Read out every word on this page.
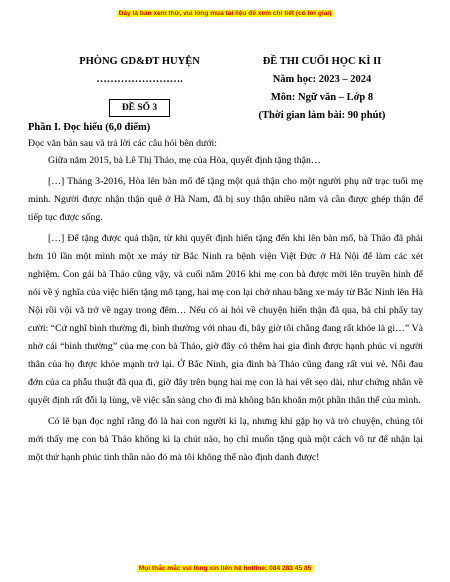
Đây là bản xem thử, vui lòng mua tài liệu để xem chi tiết (có lời giải)
PHÒNG GD&ĐT HUYỆN
…………………….
ĐỀ SỐ 3
ĐỀ THI CUỐI HỌC KÌ II
Năm học: 2023 – 2024
Môn: Ngữ văn – Lớp 8
(Thời gian làm bài: 90 phút)
Phần I. Đọc hiểu (6,0 điểm)
Đọc văn bản sau và trả lời các câu hỏi bên dưới:

Giữa năm 2015, bà Lê Thị Thảo, mẹ của Hòa, quyết định tặng thận…

[…] Tháng 3-2016, Hòa lên bàn mổ để tặng một quả thận cho một người phụ nữ trạc tuổi mẹ mình. Người được nhận thận quê ở Hà Nam, đã bị suy thận nhiều năm và cần được ghép thận để tiếp tục được sống.

[…] Để tặng được quả thận, từ khi quyết định hiến tặng đến khi lên bàn mổ, bà Thảo đã phải hơn 10 lần một mình một xe máy từ Bắc Ninh ra bệnh viện Việt Đức ở Hà Nội để làm các xét nghiệm. Con gái bà Thảo cũng vậy, và cuối năm 2016 khi mẹ con bà được mời lên truyền hình để nói về ý nghĩa của việc hiến tặng mô tạng, hai mẹ con lại chở nhau bằng xe máy từ Bắc Ninh lên Hà Nội rồi vội vã trở về ngay trong đêm… Nếu có ai hỏi về chuyện hiến thận đã qua, bà chỉ phẩy tay cười: “Cứ nghĩ bình thường đi, bình thường với nhau đi, bây giờ tôi chẳng đang rất khỏe là gì…” Và nhờ cái “bình thường” của mẹ con bà Thảo, giờ đây có thêm hai gia đình được hạnh phúc vì người thân của họ được khỏe mạnh trở lại. Ở Bắc Ninh, gia đình bà Thảo cũng đang rất vui vẻ. Nỗi đau đớn của ca phẫu thuật đã qua đi, giờ đây trên bụng hai mẹ con là hai vết sẹo dài, như chứng nhân về quyết định rất đỗi lạ lùng, về việc sẵn sàng cho đi mà không băn khoăn một phần thân thể của mình.

Có lẽ bạn đọc nghĩ rằng đó là hai con người kì lạ, nhưng khi gặp họ và trò chuyện, chúng tôi mới thấy mẹ con bà Thảo không kì lạ chút nào, họ chỉ muốn tặng quà một cách vô tư để nhận lại một thứ hạnh phúc tinh thần nào đó mà tôi không thể nào định danh được!

Mọi thắc mắc vui lòng xin liên hệ hotline: 084 283 45 85
